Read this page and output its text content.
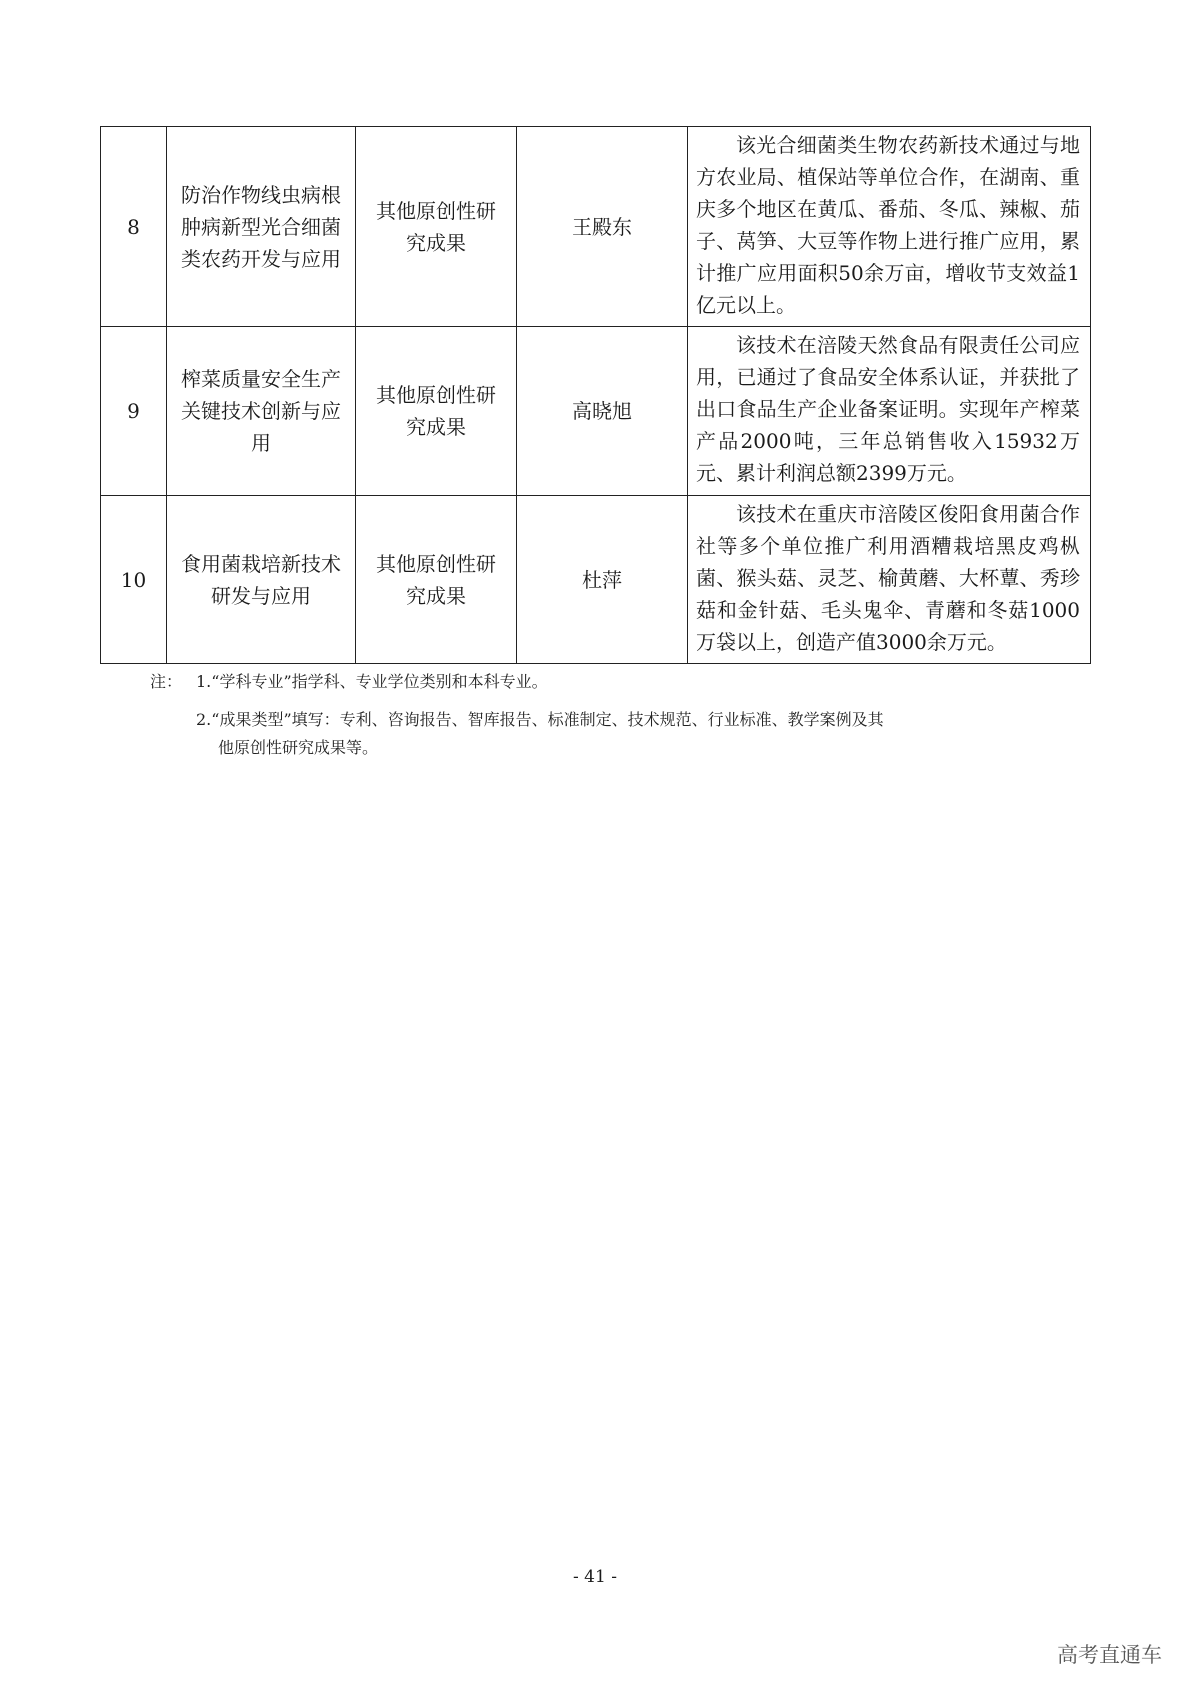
8	防治作物线虫病根肿病新型光合细菌类农药开发与应用	其他原创性研究成果	王殿东	该光合细菌类生物农药新技术通过与地方农业局、植保站等单位合作，在湖南、重庆多个地区在黄瓜、番茄、冬瓜、辣椒、茄子、莴笋、大豆等作物上进行推广应用，累计推广应用面积50余万亩，增收节支效益1亿元以上。

9	榨菜质量安全生产关键技术创新与应用	其他原创性研究成果	高晓旭	该技术在涪陵天然食品有限责任公司应用，已通过了食品安全体系认证，并获批了出口食品生产企业备案证明。实现年产榨菜产品2000吨，三年总销售收入15932万元、累计利润总额2399万元。

10	食用菌栽培新技术研发与应用	其他原创性研究成果	杜萍	该技术在重庆市涪陵区俊阳食用菌合作社等多个单位推广利用酒糟栽培黑皮鸡枞菌、猴头菇、灵芝、榆黄蘑、大杯蕈、秀珍菇和金针菇、毛头鬼伞、青蘑和冬菇1000万袋以上，创造产值3000余万元。
注： 1.“学科专业”指学科、专业学位类别和本科专业。
2.“成果类型”填写：专利、咨询报告、智库报告、标准制定、技术规范、行业标准、教学案例及其
他原创性研究成果等。
- 41 -
高考直通车
